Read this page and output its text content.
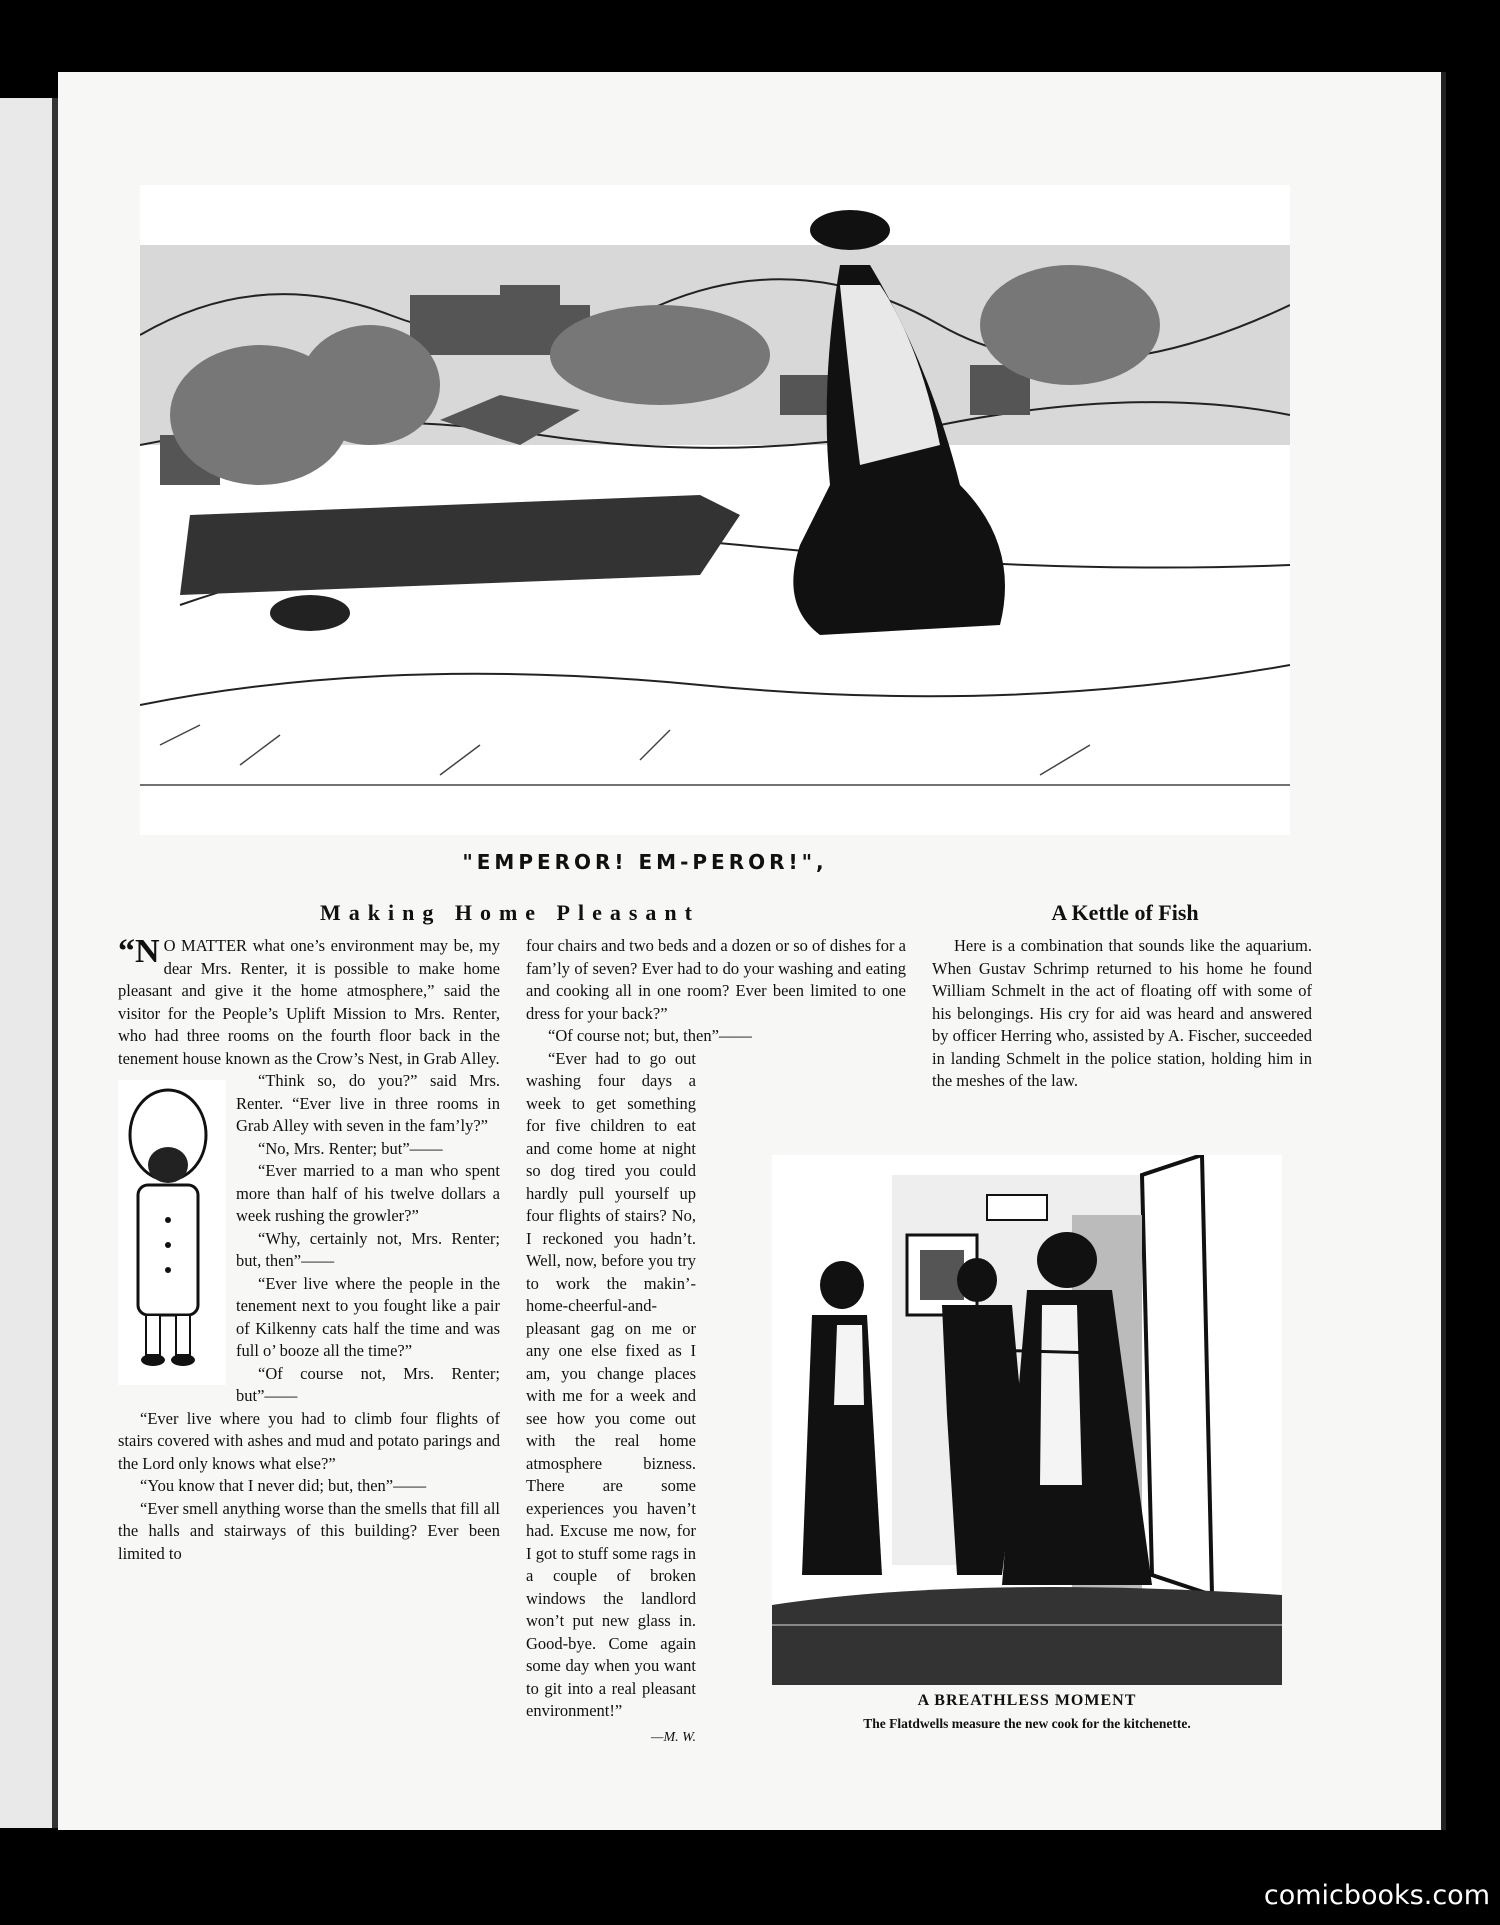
"EMPEROR! EM-PEROR!",
Making Home Pleasant	A Kettle of Fish

“N O MATTER what one’s environment may be, my dear Mrs. Renter, it is possible to make home pleasant and give it the home atmosphere,” said the visitor for the People’s Uplift Mission to Mrs. Renter, who had three rooms on the fourth floor back in the tenement house known as the Crow’s Nest, in Grab Alley.

“Think so, do you?” said Mrs. Renter. “Ever live in three rooms in Grab Alley with seven in the fam’ly?”

“No, Mrs. Renter; but”——

“Ever married to a man who spent more than half of his twelve dollars a week rushing the growler?”

“Why, certainly not, Mrs. Renter; but, then”——

“Ever live where the people in the tenement next to you fought like a pair of Kilkenny cats half the time and was full o’ booze all the time?”

“Of course not, Mrs. Renter; but”——

“Ever live where you had to climb four flights of stairs covered with ashes and mud and potato parings and the Lord only knows what else?”

“You know that I never did; but, then”——

“Ever smell anything worse than the smells that fill all the halls and stairways of this building? Ever been limited to

four chairs and two beds and a dozen or so of dishes for a fam’ly of seven? Ever had to do your washing and eating and cooking all in one room? Ever been limited to one dress for your back?”

“Of course not; but, then”——

“Ever had to go out washing four days a week to get something for five children to eat and come home at night so dog tired you could hardly pull yourself up four flights of stairs? No, I reckoned you hadn’t. Well, now, before you try to work the makin’-home-cheerful-and-pleasant gag on me or any one else fixed as I am, you change places with me for a week and see how you come out with the real home atmosphere bizness. There are some experiences you haven’t had. Excuse me now, for I got to stuff some rags in a couple of broken windows the landlord won’t put new glass in. Good-bye. Come again some day when you want to git into a real pleasant environment!”

—M. W.

Here is a combination that sounds like the aquarium. When Gustav Schrimp returned to his home he found William Schmelt in the act of floating off with some of his belongings. His cry for aid was heard and answered by officer Herring who, assisted by A. Fischer, succeeded in landing Schmelt in the police station, holding him in the meshes of the law.

A BREATHLESS MOMENT
The Flatdwells measure the new cook for the kitchenette.
comicbooks.com
